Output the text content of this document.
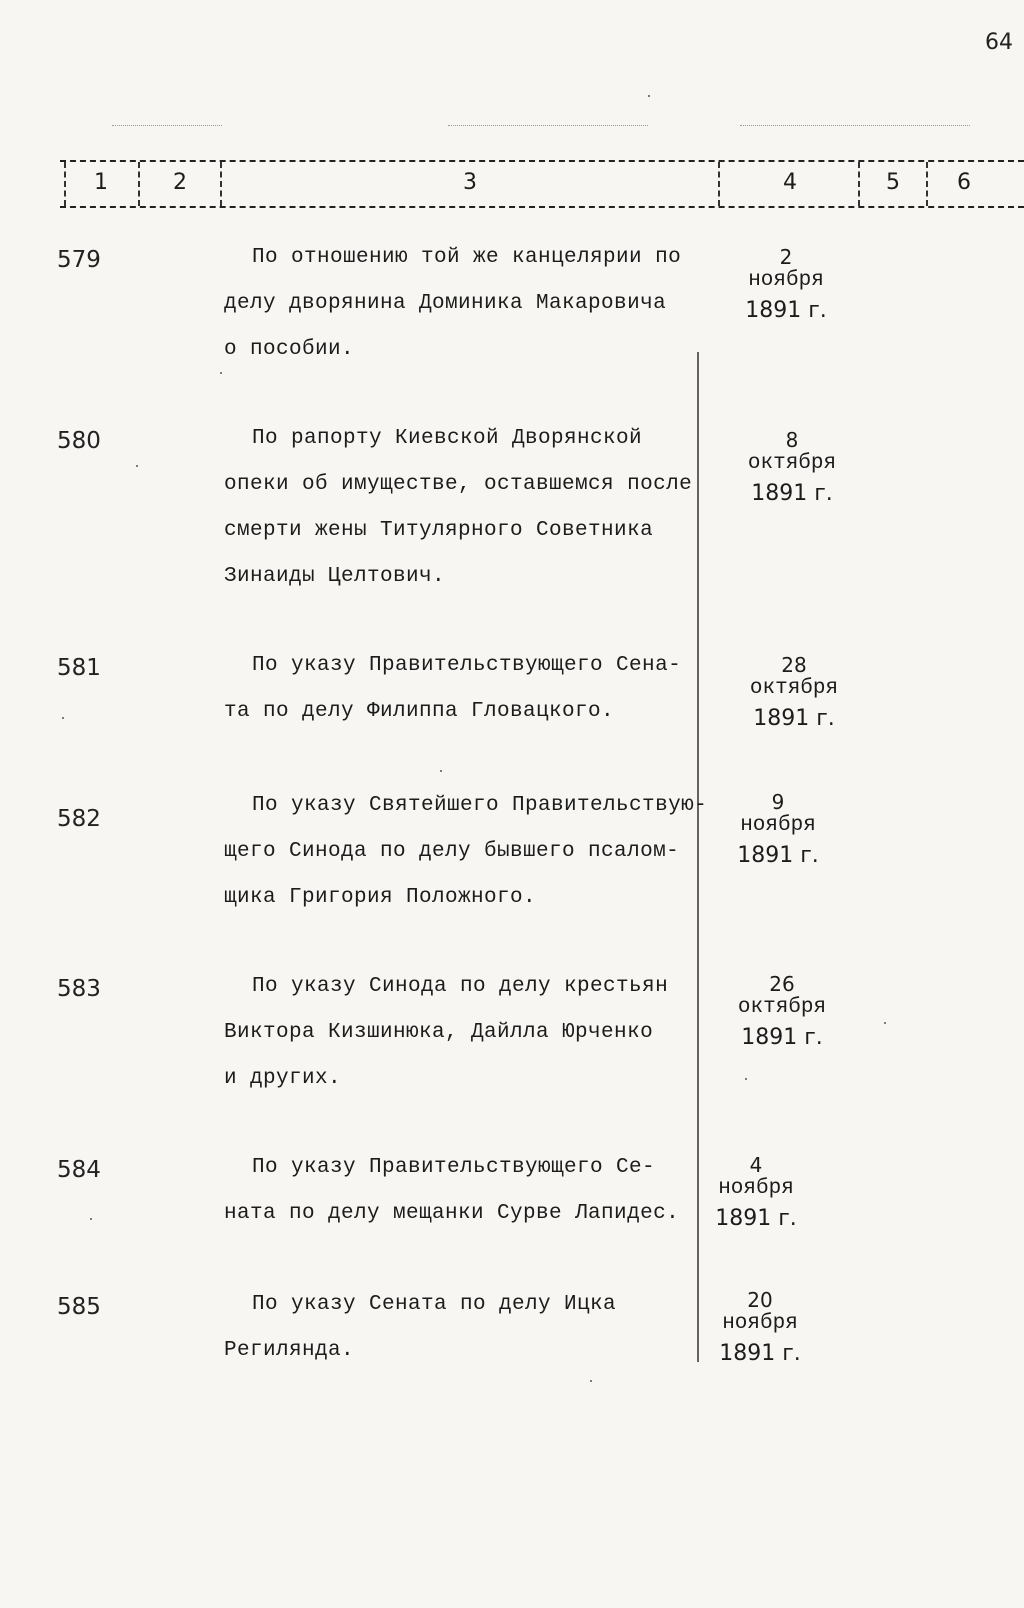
64
1	2	3	4	5	6
579	По отношению той же канцелярии по
делу дворянина Доминика Макаровича
о пособии.
2
ноября
1891 г.
580	По рапорту Киевской Дворянской
опеки об имуществе, оставшемся после
смерти жены Титулярного Советника
Зинаиды Целтович.
8
октября
1891 г.
581	По указу Правительствующего Сена-
та по делу Филиппа Гловацкого.
28
октября
1891 г.
582
По указу Святейшего Правительствую-
щего Синода по делу бывшего псалом-
щика Григория Положного.
9
ноября
1891 г.
583	По указу Синода по делу крестьян
Виктора Кизшинюка, Дайлла Юрченко
и других.
26
октября
1891 г.
584	По указу Правительствующего Се-
ната по делу мещанки Сурве Лапидес.
4
ноября
1891 г.
585	По указу Сената по делу Ицка
Регилянда.
20
ноября
1891 г.
